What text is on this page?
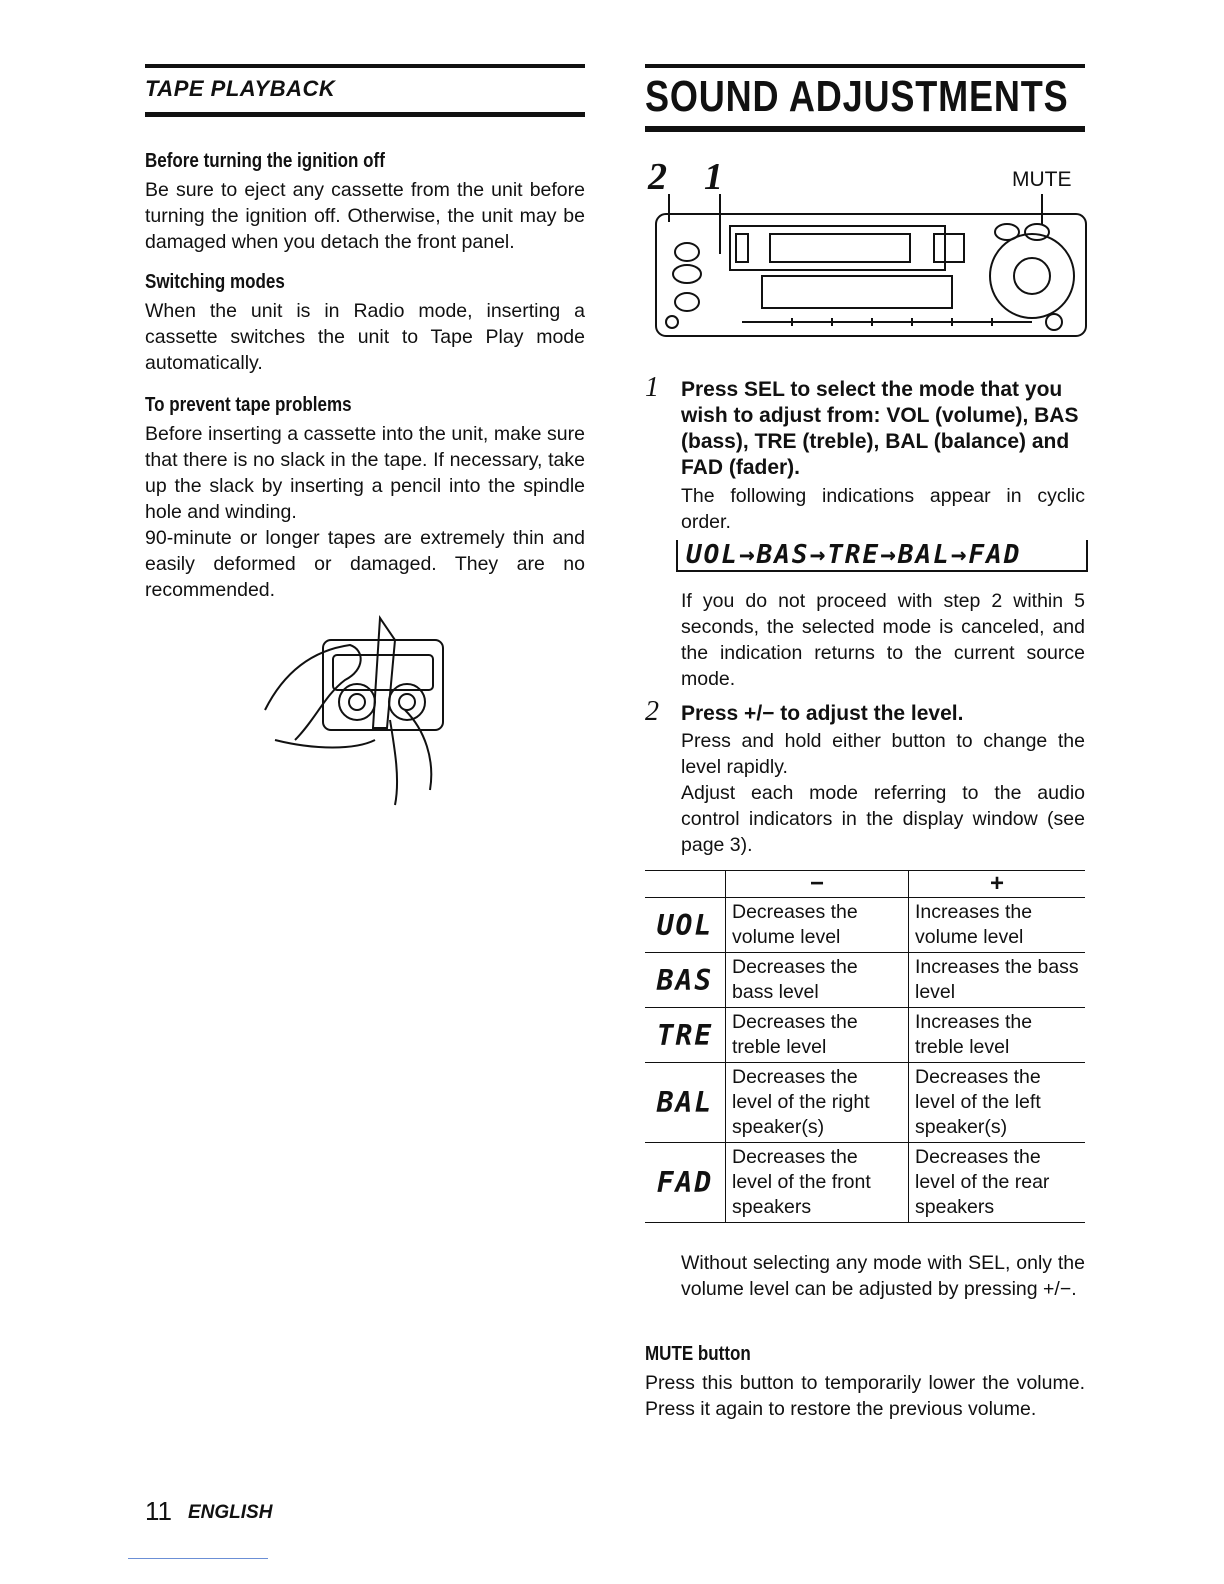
TAPE PLAYBACK
Before turning the ignition off
Be sure to eject any cassette from the unit before turning the ignition off. Otherwise, the unit may be damaged when you detach the front panel.
Switching modes
When the unit is in Radio mode, inserting a cassette switches the unit to Tape Play mode automatically.
To prevent tape problems
Before inserting a cassette into the unit, make sure that there is no slack in the tape. If necessary, take up the slack by inserting a pencil into the spindle hole and winding.
90-minute or longer tapes are extremely thin and easily deformed or damaged. They are no recommended.
SOUND ADJUSTMENTS
2 1	MUTE
1 Press SEL to select the mode that you wish to adjust from: VOL (volume), BAS (bass), TRE (treble), BAL (balance) and FAD (fader).
The following indications appear in cyclic order.
UOL→BAS→TRE→BAL→FAD
If you do not proceed with step 2 within 5 seconds, the selected mode is canceled, and the indication returns to the current source mode.
2 Press +/− to adjust the level.
Press and hold either button to change the level rapidly.
Adjust each mode referring to the audio control indicators in the display window (see page 3).
	−	+
UOL	Decreases the volume level	Increases the volume level
BAS	Decreases the bass level	Increases the bass level
TRE	Decreases the treble level	Increases the treble level
BAL	Decreases the level of the right speaker(s)	Decreases the level of the left speaker(s)
FAD	Decreases the level of the front speakers	Decreases the level of the rear speakers
Without selecting any mode with SEL, only the volume level can be adjusted by pressing +/−.
MUTE button
Press this button to temporarily lower the volume. Press it again to restore the previous volume.
11 ENGLISH
